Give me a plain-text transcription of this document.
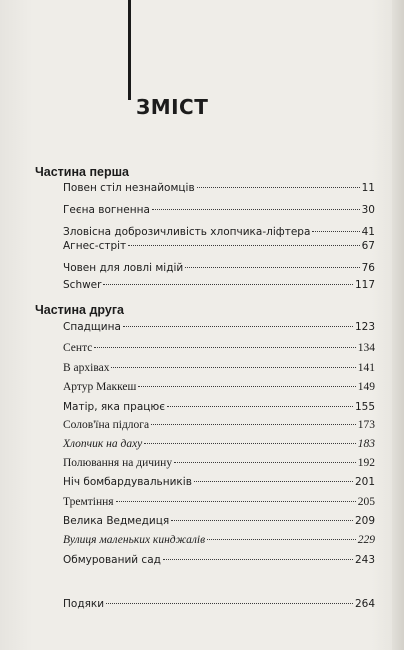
ЗМІСТ
Частина перша
Повен стіл незнайомців	11
Геєна вогненна	30
Зловісна доброзичливість хлопчика-ліфтера	41
Агнес-стріт	67
Човен для ловлі мідій	76
Schwer	117
Частина друга
Спадщина	123
Сентс	134
В архівах	141
Артур Маккеш	149
Матір, яка працює	155
Солов'їна підлога	173
Хлопчик на даху	183
Полювання на дичину	192
Ніч бомбардувальників	201
Тремтіння	205
Велика Ведмедиця	209
Вулиця маленьких кинджалів	229
Обмурований сад	243
Подяки	264
